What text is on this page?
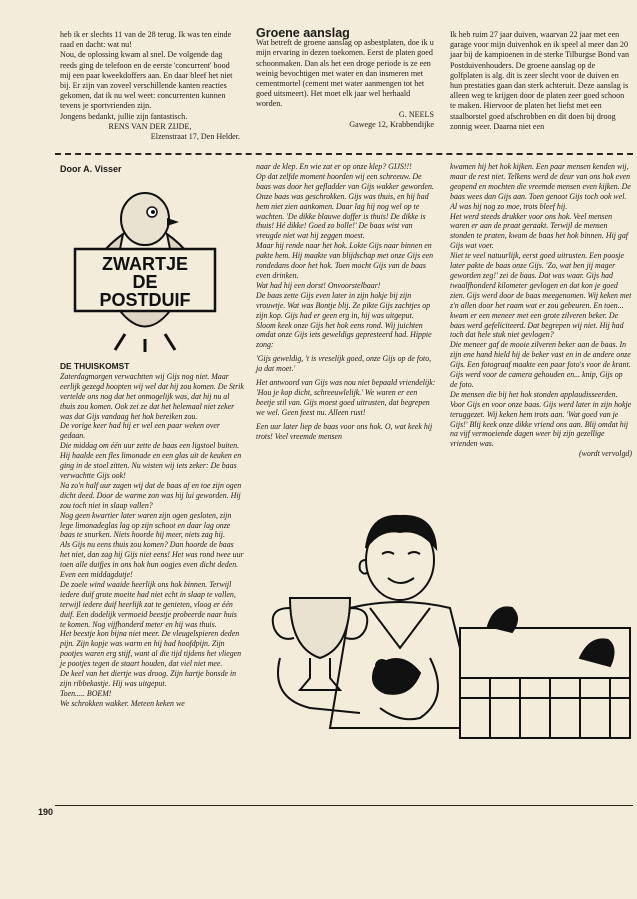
heb ik er slechts 11 van de 28 terug. Ik was ten einde raad en dacht: wat nu!

Nou, de oplossing kwam al snel. De volgende dag reeds ging de telefoon en de eerste 'concurrent' bood mij een paar kweekdoffers aan. En daar bleef het niet bij. Er zijn van zoveel verschillende kanten reacties gekomen, dat ik nu wel weet: concurrenten kunnen tevens je sportvrienden zijn.

Jongens bedankt, jullie zijn fantastisch.

RENS VAN DER ZIJDE,

Elzenstraat 17, Den Helder.

Groene aanslag

Wat betreft de groene aanslag op asbestplaten, doe ik u mijn ervaring in dezen toekomen. Eerst de platen goed schoonmaken. Dan als het een droge periode is ze een weinig bevochtigen met water en dan insmeren met cementmortel (cement met water aanmengen tot het goed uitsmeert). Het moet elk jaar wel herhaald worden.

G. NEELS

Gawege 12, Krabbendijke

Ik heb ruim 27 jaar duiven, waarvan 22 jaar met een garage voor mijn duivenhok en ik speel al meer dan 20 jaar bij de kampioenen in de sterke Tilburgse Bond van Postduivenhouders. De groene aanslag op de golfplaten is alg. dit is zeer slecht voor de duiven en hun prestaties gaan dan sterk achteruit. Deze aanslag is alleen weg te krijgen door de platen zeer goed schoon te maken. Hiervoor de platen het liefst met een staalborstel goed afschrobben en dit doen bij droog zonnig weer. Daarna niet een

Door A. Visser
ZWARTJE
DE
POSTDUIF

DE THUISKOMST

Zaterdagmorgen verwachtten wij Gijs nog niet. Maar eerlijk gezegd hoopten wij wel dat hij zou komen. De Strik vertelde ons nog dat het onmogelijk was, dat hij nu al thuis zou komen. Ook zei ze dat het helemaal niet zeker was dat Gijs vandaag het hok bereiken zou.

De vorige keer had hij er wel een paar weken over gedaan.

Die middag om één uur zette de baas een ligstoel buiten. Hij haalde een fles limonade en een glas uit de keuken en ging in de stoel zitten. Nu wisten wij iets zeker: De baas verwachtte Gijs ook!

Na zo'n half uur zagen wij dat de baas af en toe zijn ogen dicht deed. Door de warme zon was hij lui geworden. Hij zou toch niet in slaap vallen?

Nog geen kwartier later waren zijn ogen gesloten, zijn lege limonadeglas lag op zijn schoot en daar lag onze baas te snurken. Niets hoorde hij meer, niets zag hij.

Als Gijs nu eens thuis zou komen? Dan hoorde de baas het niet, dan zag hij Gijs niet eens! Het was rond twee uur toen alle duifjes in ons hok hun oogjes even dicht deden. Even een middagdutje!

De zoele wind waaide heerlijk ons hok binnen. Terwijl iedere duif grote moeite had niet echt in slaap te vallen, terwijl iedere duif heerlijk zat te genieten, vloog er één duif. Een dodelijk vermoeid beestje probeerde naar huis te komen. Nog vijfhonderd meter en hij was thuis.

Het beestje kon bijna niet meer. De vleugelspieren deden pijn. Zijn kopje was warm en hij had hoofdpijn. Zijn pootjes waren erg stijf, want al die tijd tijdens het vliegen je pootjes tegen de staart houden, dat viel niet mee.

De keel van het diertje was droog. Zijn hartje bonsde in zijn ribbekastje. Hij was uitgeput.

Toen..... BOEM!

We schrokken wakker. Meteen keken we

naar de klep. En wie zat er op onze klep? GIJS!!!

Op dat zelfde moment hoorden wij een schreeuw. De baas was door het gefladder van Gijs wakker geworden. Onze baas was geschrokken. Gijs was thuis, en hij had hem niet zien aankomen. Daar lag hij nog wel op te wachten. 'De dikke blauwe doffer is thuis! De dikke is thuis! Hé dikke! Goed zo bolle!' De baas wist van vreugde niet wat hij zeggen moest.

Maar hij rende naar het hok. Lokte Gijs naar binnen en pakte hem. Hij maakte van blijdschap met onze Gijs een rondedans door het hok. Toen mocht Gijs van de baas even drinken.

Wat had hij een dorst! Onvoorstelbaar!

De baas zette Gijs even later in zijn hokje bij zijn vrouwtje. Wat was Bontje blij. Ze pikte Gijs zachtjes op zijn kop. Gijs had er geen erg in, hij was uitgeput.

Sloom keek onze Gijs het hok eens rond. Wij juichten omdat onze Gijs iets geweldigs gepresteerd had. Hippie zong:

'Gijs geweldig, 't is vreselijk goed, onze Gijs op de foto, ja dat moet.'

Het antwoord van Gijs was nou niet bepaald vriendelijk:

'Hou je kop dicht, schreeuwlelijk.' We waren er een beetje stil van. Gijs moest goed uitrusten, dat begrepen we wel. Geen feest nu. Alleen rust!

Een uur later liep de baas voor ons hok. O, wat keek hij trots! Veel vreemde mensen

kwamen hij het hok kijken. Een paar mensen kenden wij, maar de rest niet. Telkens werd de deur van ons hok even geopend en mochten die vreemde mensen even kijken. De baas wees dan Gijs aan. Toen genoot Gijs toch ook wel. Al was hij nog zo moe, trots bleef hij.

Het werd steeds drukker voor ons hok. Veel mensen waren er aan de praat geraakt. Terwijl de mensen stonden te praten, kwam de baas het hok binnen. Hij gaf Gijs wat voer.

Niet te veel natuurlijk, eerst goed uitrusten. Een poosje later pakte de baas onze Gijs. 'Zo, wat ben jij mager geworden zeg!' zei de baas. Dat was waar. Gijs had twaalfhonderd kilometer gevlogen en dat kon je goed zien. Gijs werd door de baas meegenomen. Wij keken met z'n allen door het raam wat er zou gebeuren. En toen... kwam er een meneer met een grote zilveren beker. De baas werd gefeliciteerd. Dat begrepen wij niet. Hij had toch dat hele stuk niet gevlogen?

Die meneer gaf de mooie zilveren beker aan de baas. In zijn ene hand hield hij de beker vast en in de andere onze Gijs. Een fotograaf maakte een paar foto's voor de krant. Gijs werd voor de camera gehouden en... knip, Gijs op de foto.

De mensen die bij het hok stonden applaudisseerden. Voor Gijs en voor onze baas. Gijs werd later in zijn hokje teruggezet. Wij keken hem trots aan. 'Wat goed van je Gijs!' Blij keek onze dikke vriend ons aan. Blij omdat hij na vijf vermoeiende dagen weer bij zijn gezellige vrienden was.

(wordt vervolgd)

190
